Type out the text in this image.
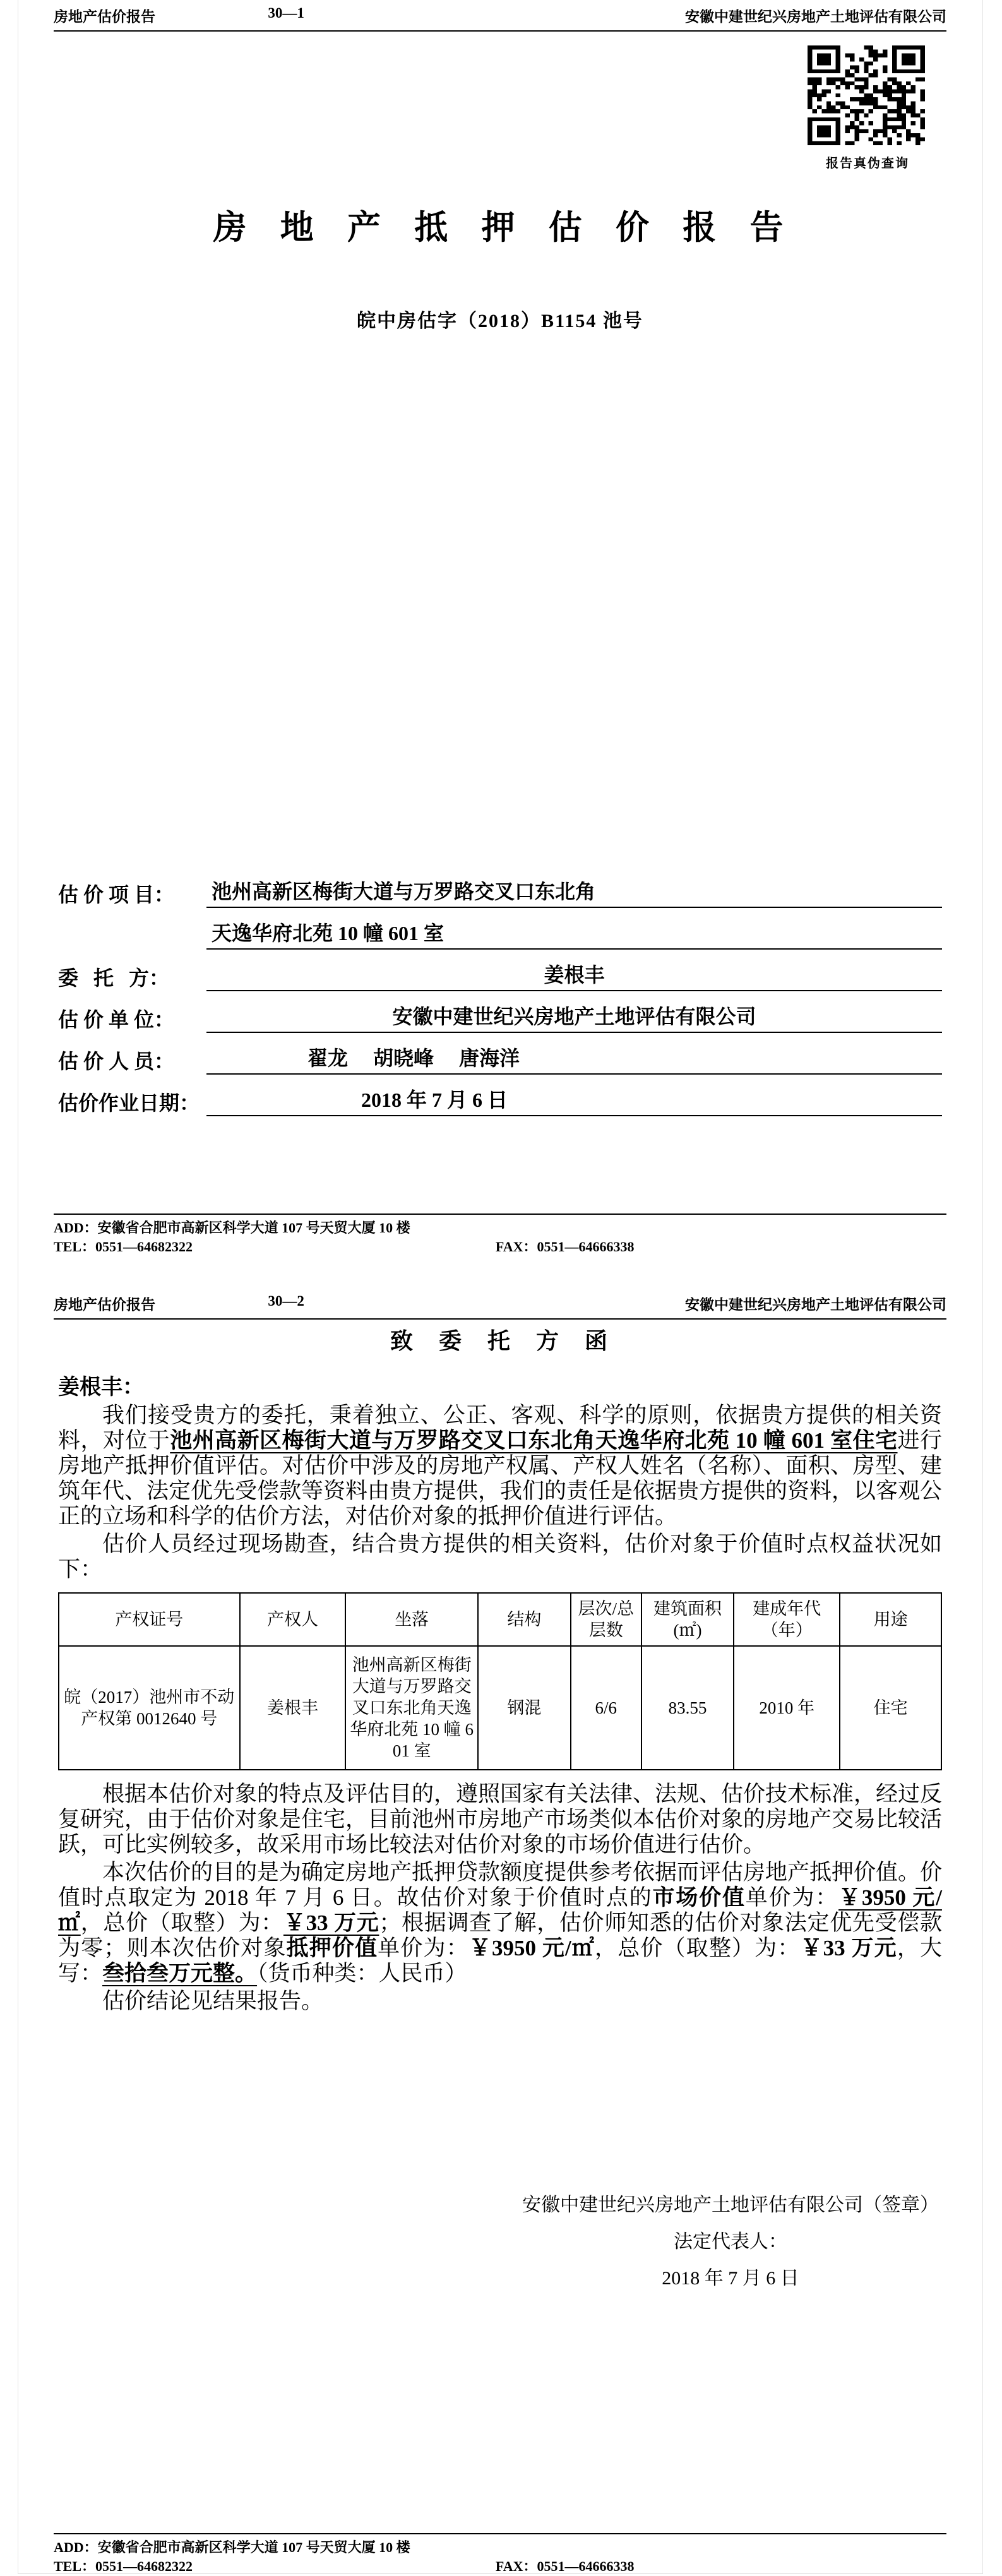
房地产估价报告	30—1	安徽中建世纪兴房地产土地评估有限公司
报告真伪查询
房 地 产 抵 押 估 价 报 告
皖中房估字（2018）B1154 池号
估 价 项 目：	池州高新区梅街大道与万罗路交叉口东北角
天逸华府北苑 10 幢 601 室
委   托   方：	姜根丰
估 价 单 位：	安徽中建世纪兴房地产土地评估有限公司
估 价 人 员：	翟龙　 胡晓峰　 唐海洋
估价作业日期：	2018 年 7 月 6 日
ADD：安徽省合肥市高新区科学大道 107 号天贸大厦 10 楼
TEL：0551—64682322	FAX：0551—64666338
房地产估价报告	30—2	安徽中建世纪兴房地产土地评估有限公司
致 委 托 方 函
姜根丰：

我们接受贵方的委托，秉着独立、公正、客观、科学的原则，依据贵方提供的相关资料，对位于池州高新区梅街大道与万罗路交叉口东北角天逸华府北苑 10 幢 601 室住宅进行房地产抵押价值评估。对估价中涉及的房地产权属、产权人姓名（名称）、面积、房型、建筑年代、法定优先受偿款等资料由贵方提供，我们的责任是依据贵方提供的资料，以客观公正的立场和科学的估价方法，对估价对象的抵押价值进行评估。

估价人员经过现场勘查，结合贵方提供的相关资料，估价对象于价值时点权益状况如下：

产权证号	产权人	坐落	结构	层次/总层数	建筑面积(㎡)	建成年代（年）	用途
皖（2017）池州市不动产权第 0012640 号	姜根丰	池州高新区梅街大道与万罗路交叉口东北角天逸华府北苑 10 幢 601 室	钢混	6/6	83.55	2010 年	住宅

根据本估价对象的特点及评估目的，遵照国家有关法律、法规、估价技术标准，经过反复研究，由于估价对象是住宅，目前池州市房地产市场类似本估价对象的房地产交易比较活跃，可比实例较多，故采用市场比较法对估价对象的市场价值进行估价。

本次估价的目的是为确定房地产抵押贷款额度提供参考依据而评估房地产抵押价值。价值时点取定为 2018 年 7 月 6 日。故估价对象于价值时点的市场价值单价为：￥3950 元/㎡，总价（取整）为：￥33 万元；根据调查了解，估价师知悉的估价对象法定优先受偿款为零；则本次估价对象抵押价值单价为：￥3950 元/㎡，总价（取整）为：￥33 万元，大写：叁拾叁万元整。（货币种类：人民币）

估价结论见结果报告。

安徽中建世纪兴房地产土地评估有限公司（签章）
法定代表人：
2018 年 7 月 6 日
ADD：安徽省合肥市高新区科学大道 107 号天贸大厦 10 楼
TEL：0551—64682322	FAX：0551—64666338
